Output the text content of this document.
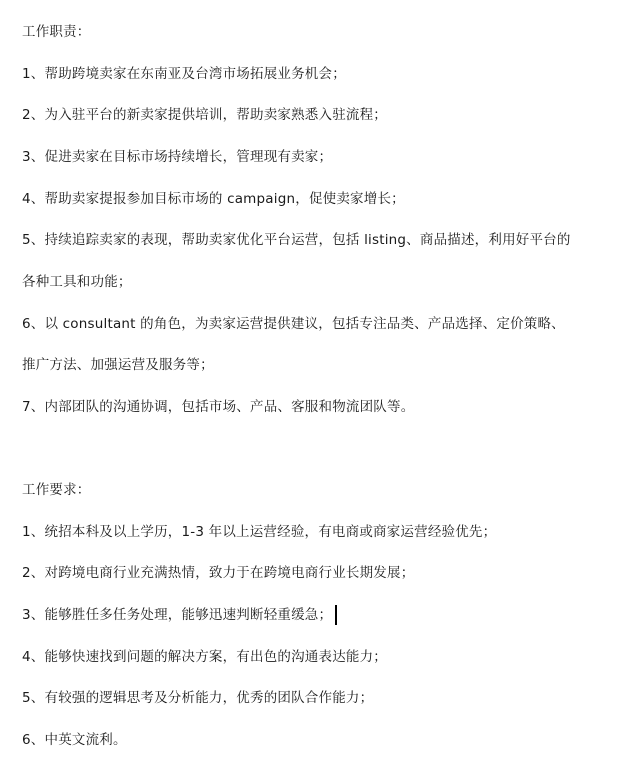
工作职责：
1、帮助跨境卖家在东南亚及台湾市场拓展业务机会；
2、为入驻平台的新卖家提供培训，帮助卖家熟悉入驻流程；
3、促进卖家在目标市场持续增长，管理现有卖家；
4、帮助卖家提报参加目标市场的 campaign，促使卖家增长；
5、持续追踪卖家的表现，帮助卖家优化平台运营，包括 listing、商品描述，利用好平台的
各种工具和功能；
6、以 consultant 的角色，为卖家运营提供建议，包括专注品类、产品选择、定价策略、
推广方法、加强运营及服务等；
7、内部团队的沟通协调，包括市场、产品、客服和物流团队等。
工作要求：
1、统招本科及以上学历，1-3 年以上运营经验，有电商或商家运营经验优先；
2、对跨境电商行业充满热情，致力于在跨境电商行业长期发展；
3、能够胜任多任务处理，能够迅速判断轻重缓急；
4、能够快速找到问题的解决方案，有出色的沟通表达能力；
5、有较强的逻辑思考及分析能力，优秀的团队合作能力；
6、中英文流利。
